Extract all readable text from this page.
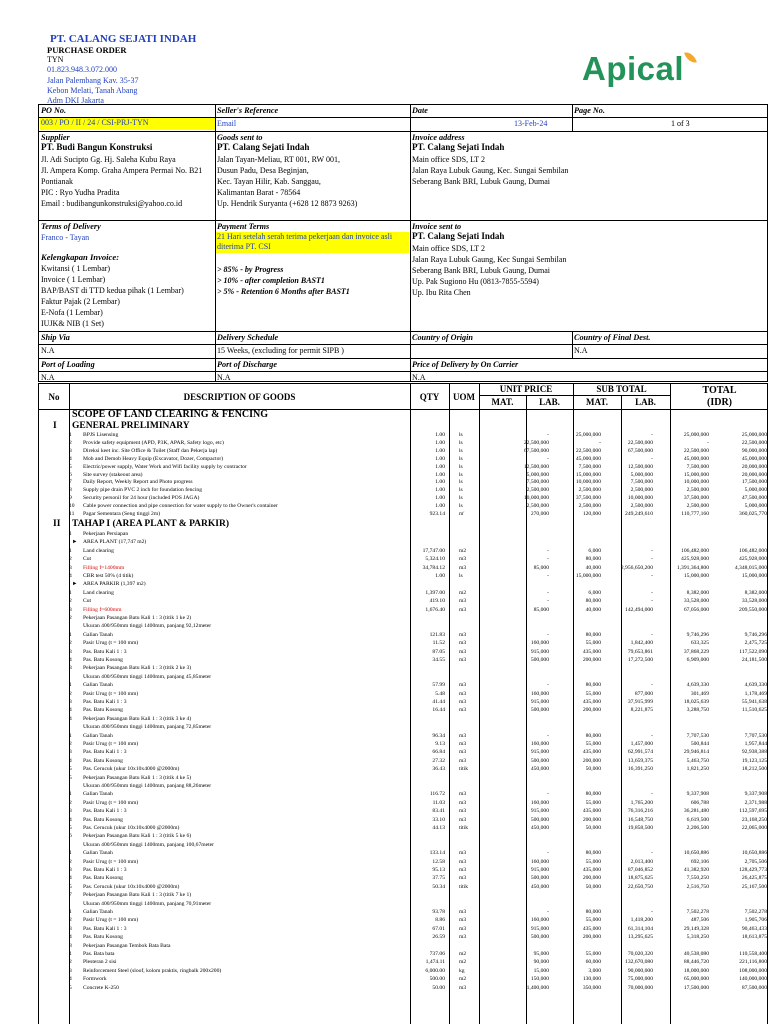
PT. CALANG SEJATI INDAH
PURCHASE ORDER
TYN
01.823.948.3.072.000
Jalan Palembang Kav. 35-37
Kebon Melati, Tanah Abang
Adm DKI Jakarta
Apical
PO No.	Seller's Reference	Date	Page No.
003 / PO / II / 24 / CSI-PRJ-TYN	Email	13-Feb-24	1 of 3
Supplier
PT. Budi Bangun Konstruksi
Jl. Adi Sucipto Gg. Hj. Saleha Kubu Raya
Jl. Ampera Komp. Graha Ampera Permai No. B21
Pontianak
PIC : Ryo Yudha Pradita
Email : budibangunkonstruksi@yahoo.co.id
Goods sent to
PT. Calang Sejati Indah
Jalan Tayan-Meliau, RT 001, RW 001,
Dusun Padu, Desa Beginjan,
Kec. Tayan Hilir, Kab. Sanggau,
Kalimantan Barat - 78564
Up. Hendrik Suryanta (+628 12 8873 9263)
Invoice address
PT. Calang Sejati Indah
Main office SDS, LT 2
Jalan Raya Lubuk Gaung, Kec. Sungai Sembilan
Seberang Bank BRI, Lubuk Gaung, Dumai
Terms of Delivery
Franco - Tayan
Kelengkapan Invoice:
Kwitansi ( 1 Lembar)
Invoice ( 1 Lembar)
BAP/BAST di TTD kedua pihak (1 Lembar)
Faktur Pajak (2 Lembar)
E-Nofa (1 Lembar)
IUJK& NIB (1 Set)
Payment Terms
21 Hari setelah serah terima pekerjaan dan invoice asli diterima PT. CSI
> 85% - by Progress
> 10% - after completion BAST1
> 5% - Retention 6 Months after BAST1
Invoice sent to
PT. Calang Sejati Indah
Main office SDS, LT 2
Jalan Raya Lubuk Gaung, Kec Sungai Sembilan
Seberang Bank BRI, Lubuk Gaung, Dumai
Up. Pak Sugiono Hu (0813-7855-5594)
Up. Ibu Rita Chen
Ship Via
N.A
Delivery Schedule
15 Weeks, (excluding for permit SIPB )
Country of Origin	Country of Final Dest.
N.A
Port of Loading
N.A
Port of Discharge
N.A
Price of Delivery by On Carrier
N.A
No	DESCRIPTION OF GOODS	QTY	UOM
UNIT PRICE	SUB TOTAL
MAT.	LAB.	MAT.	LAB.
TOTAL
(IDR)
SCOPE OF LAND CLEARING & FENCING
I GENERAL PRELIMINARY
II TAHAP I (AREA PLANT & PARKIR)
1	BPJS Lisensing	1.00	ls	-	25,000,000	-	25,000,000	25,000,000
2	Provide safety equipment (APD, P3K, APAR, Safety logo, etc)	1.00	ls	22,500,000	-	22,500,000	-	22,500,000
3	Direksi keet inc. Site Office & Toilet (Staff dan Pekerja lap)	1.00	ls	67,500,000	22,500,000	67,500,000	22,500,000	90,000,000
4	Mob and Demob Heavy Equip (Excavator, Dozer, Compactor)	1.00	ls	-	45,000,000	-	45,000,000	45,000,000
5	Electric/power supply, Water Work and Wifi facility supply by contractor	1.00	ls	12,500,000	7,500,000	12,500,000	7,500,000	20,000,000
6	Site survey (stakeout area)	1.00	ls	5,000,000	15,000,000	5,000,000	15,000,000	20,000,000
7	Daily Report, Weekly Report and Photo progress	1.00	ls	7,500,000	10,000,000	7,500,000	10,000,000	17,500,000
8	Supply pipe drain PVC 2 inch for foundation fencing	1.00	ls	2,500,000	2,500,000	2,500,000	2,500,000	5,000,000
9	Security personil for 24 hour (included POS JAGA)	1.00	ls	10,000,000	37,500,000	10,000,000	37,500,000	47,500,000
10	Cable power connection and pipe connection for water supply to the Owner's container	1.00	ls	2,500,000	2,500,000	2,500,000	2,500,000	5,000,000
11	Pagar Sementara (Seng tinggi 2m)	923.14	m'	270,000	120,000	249,249,610	110,777,160	360,025,770
1	Pekerjaan Persiapan
► AREA PLANT (17,747 m2)
1	Land clearing	17,747.00	m2	-	6,000	-	106,482,000	106,482,000
2	Cut	5,324.10	m3	-	80,000	-	425,928,000	425,928,000
3	Filling f=1400mm	34,784.12	m3	85,000	40,000	2,956,650,200	1,391,364,800	4,348,015,000
4	CBR test 50% (4 titik)	1.00	ls	-	15,000,000	-	15,000,000	15,000,000
► AREA PARKIR (1,397 m2)
1	Land clearing	1,397.00	m2	-	6,000	-	8,382,000	8,382,000
2	Cut	419.10	m3	-	80,000	-	33,528,000	33,528,000
3	Filling f=600mm	1,676.40	m3	85,000	40,000	142,494,000	67,056,000	209,550,000
2	Pekerjaan Pasangan Batu Kali 1 : 3 (titik 1 ke 2)
Ukuran 400/950mm tinggi 1400mm, panjang 92,12meter
1	Galian Tanah	121.83	m3	-	80,000	-	9,746,296	9,746,296
2	Pasir Urug (t = 100 mm)	11.52	m3	160,000	55,000	1,842,400	633,325	2,475,725
3	Pas. Batu Kali 1 : 3	87.05	m3	915,000	435,000	79,653,861	37,868,229	117,522,090
4	Pas. Batu Kosong	34.55	m3	500,000	200,000	17,272,500	6,909,000	24,181,500
3	Pekerjaan Pasangan Batu Kali 1 : 3 (titik 2 ke 3)
Ukuran 400/950mm tinggi 1400mm, panjang 45,85meter
1	Galian Tanah	57.99	m3	-	80,000	-	4,639,330	4,639,330
2	Pasir Urug (t = 100 mm)	5.48	m3	160,000	55,000	877,000	301,469	1,178,469
3	Pas. Batu Kali 1 : 3	41.44	m3	915,000	435,000	37,915,999	18,025,639	55,941,638
4	Pas. Batu Kosong	16.44	m3	500,000	200,000	8,221,875	3,288,750	11,510,625
4	Pekerjaan Pasangan Batu Kali 1 : 3 (titik 3 ke 4)
Ukuran 400/950mm tinggi 1400mm, panjang 72,85meter
1	Galian Tanah	96.34	m3	-	80,000	-	7,707,530	7,707,530
2	Pasir Urug (t = 100 mm)	9.13	m3	160,000	55,000	1,457,000	500,844	1,957,844
3	Pas. Batu Kali 1 : 3	66.84	m3	915,000	435,000	62,991,574	29,946,814	92,938,388
4	Pas. Batu Kosong	27.32	m3	500,000	200,000	13,659,375	5,463,750	19,123,125
5	Pas. Cerucuk (ukur 10x10x4000 @2000m)	36.43	titik	450,000	50,000	16,391,250	1,821,250	18,212,500
5	Pekerjaan Pasangan Batu Kali 1 : 3 (titik 4 ke 5)
Ukuran 400/950mm tinggi 1400mm, panjang 88,26meter
1	Galian Tanah	116.72	m3	-	80,000	-	9,337,908	9,337,908
2	Pasir Urug (t = 100 mm)	11.03	m3	160,000	55,000	1,765,200	606,788	2,371,988
3	Pas. Batu Kali 1 : 3	83.41	m3	915,000	435,000	76,316,216	36,281,480	112,597,695
4	Pas. Batu Kosong	33.10	m3	500,000	200,000	16,548,750	6,619,500	23,168,250
5	Pas. Cerucuk (ukur 10x10x4000 @2000m)	44.13	titik	450,000	50,000	19,858,500	2,206,500	22,065,000
6	Pekerjaan Pasangan Batu Kali 1 : 3 (titik 5 ke 6)
Ukuran 400/950mm tinggi 1400mm, panjang 100,67meter
1	Galian Tanah	133.14	m3	-	80,000	-	10,650,886	10,650,886
2	Pasir Urug (t = 100 mm)	12.58	m3	160,000	55,000	2,013,400	692,106	2,705,506
3	Pas. Batu Kali 1 : 3	95.13	m3	915,000	435,000	87,046,852	41,382,920	128,429,773
4	Pas. Batu Kosong	37.75	m3	500,000	200,000	18,875,625	7,550,250	26,425,875
5	Pas. Cerucuk (ukur 10x10x4000 @2000m)	50.34	titik	450,000	50,000	22,650,750	2,516,750	25,167,500
7	Pekerjaan Pasangan Batu Kali 1 : 3 (titik 7 ke 1)
Ukuran 400/950mm tinggi 1400mm, panjang 70,91meter
1	Galian Tanah	93.78	m3	-	80,000	-	7,502,278	7,502,278
2	Pasir Urug (t = 100 mm)	8.86	m3	160,000	55,000	1,418,200	487,506	1,905,706
3	Pas. Batu Kali 1 : 3	67.01	m3	915,000	435,000	61,314,104	29,149,328	90,463,433
4	Pas. Batu Kosong	26.59	m3	500,000	200,000	13,295,625	5,318,250	18,613,875
8	Pekerjaan Pasangan Tembok Bata Bata
1	Pas. Bata bata	737.06	m2	95,000	55,000	70,020,320	40,538,080	110,558,400
2	Plesteran 2 sisi	1,474.11	m2	90,000	60,000	132,670,080	88,446,720	221,116,800
3	Reinforcement Steel (sloof, kolom praktis, ringbalk 200x200)	6,000.00	kg	15,000	3,000	90,000,000	18,000,000	108,000,000
4	Formwork	500.00	m2	150,000	130,000	75,000,000	65,000,000	140,000,000
5	Concrete K-250	50.00	m3	1,400,000	350,000	70,000,000	17,500,000	87,500,000
